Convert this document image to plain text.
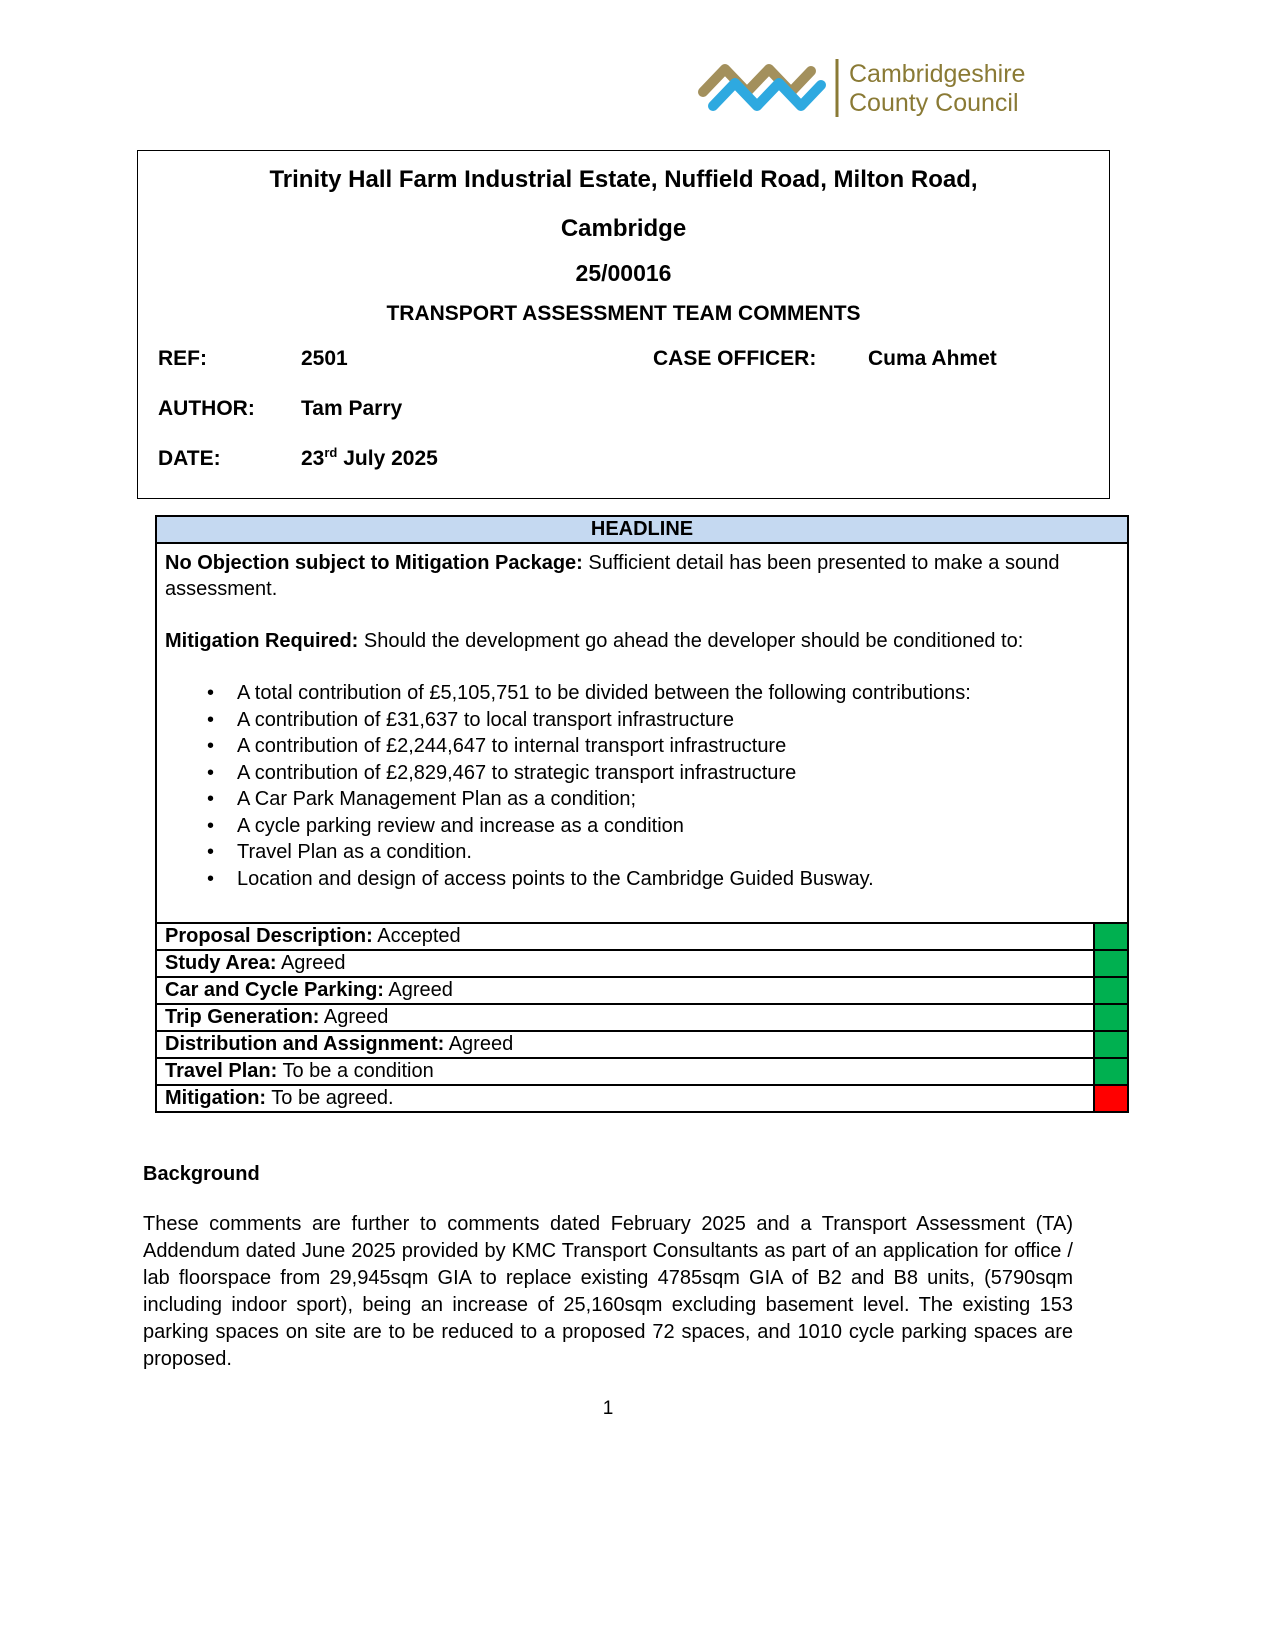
Cambridgeshire
County Council
Trinity Hall Farm Industrial Estate, Nuffield Road, Milton Road,
Cambridge
25/00016
TRANSPORT ASSESSMENT TEAM COMMENTS
REF:	2501	CASE OFFICER:	Cuma Ahmet
AUTHOR:	Tam Parry
DATE:	23rd July 2025
HEADLINE	

No Objection subject to Mitigation Package: Sufficient detail has been presented to make a sound assessment.

Mitigation Required: Should the development go ahead the developer should be conditioned to:

• A total contribution of £5,105,751 to be divided between the following contributions:
• A contribution of £31,637 to local transport infrastructure
• A contribution of £2,244,647 to internal transport infrastructure
• A contribution of £2,829,467 to strategic transport infrastructure
• A Car Park Management Plan as a condition;
• A cycle parking review and increase as a condition
• Travel Plan as a condition.
• Location and design of access points to the Cambridge Guided Busway.

Proposal Description: Accepted	
Study Area: Agreed	
Car and Cycle Parking: Agreed	
Trip Generation: Agreed	
Distribution and Assignment: Agreed	
Travel Plan: To be a condition	
Mitigation: To be agreed.	
Background

These comments are further to comments dated February 2025 and a Transport Assessment (TA) Addendum dated June 2025 provided by KMC Transport Consultants as part of an application for office / lab floorspace from 29,945sqm GIA to replace existing 4785sqm GIA of B2 and B8 units, (5790sqm including indoor sport), being an increase of 25,160sqm excluding basement level. The existing 153 parking spaces on site are to be reduced to a proposed 72 spaces, and 1010 cycle parking spaces are proposed.

1
